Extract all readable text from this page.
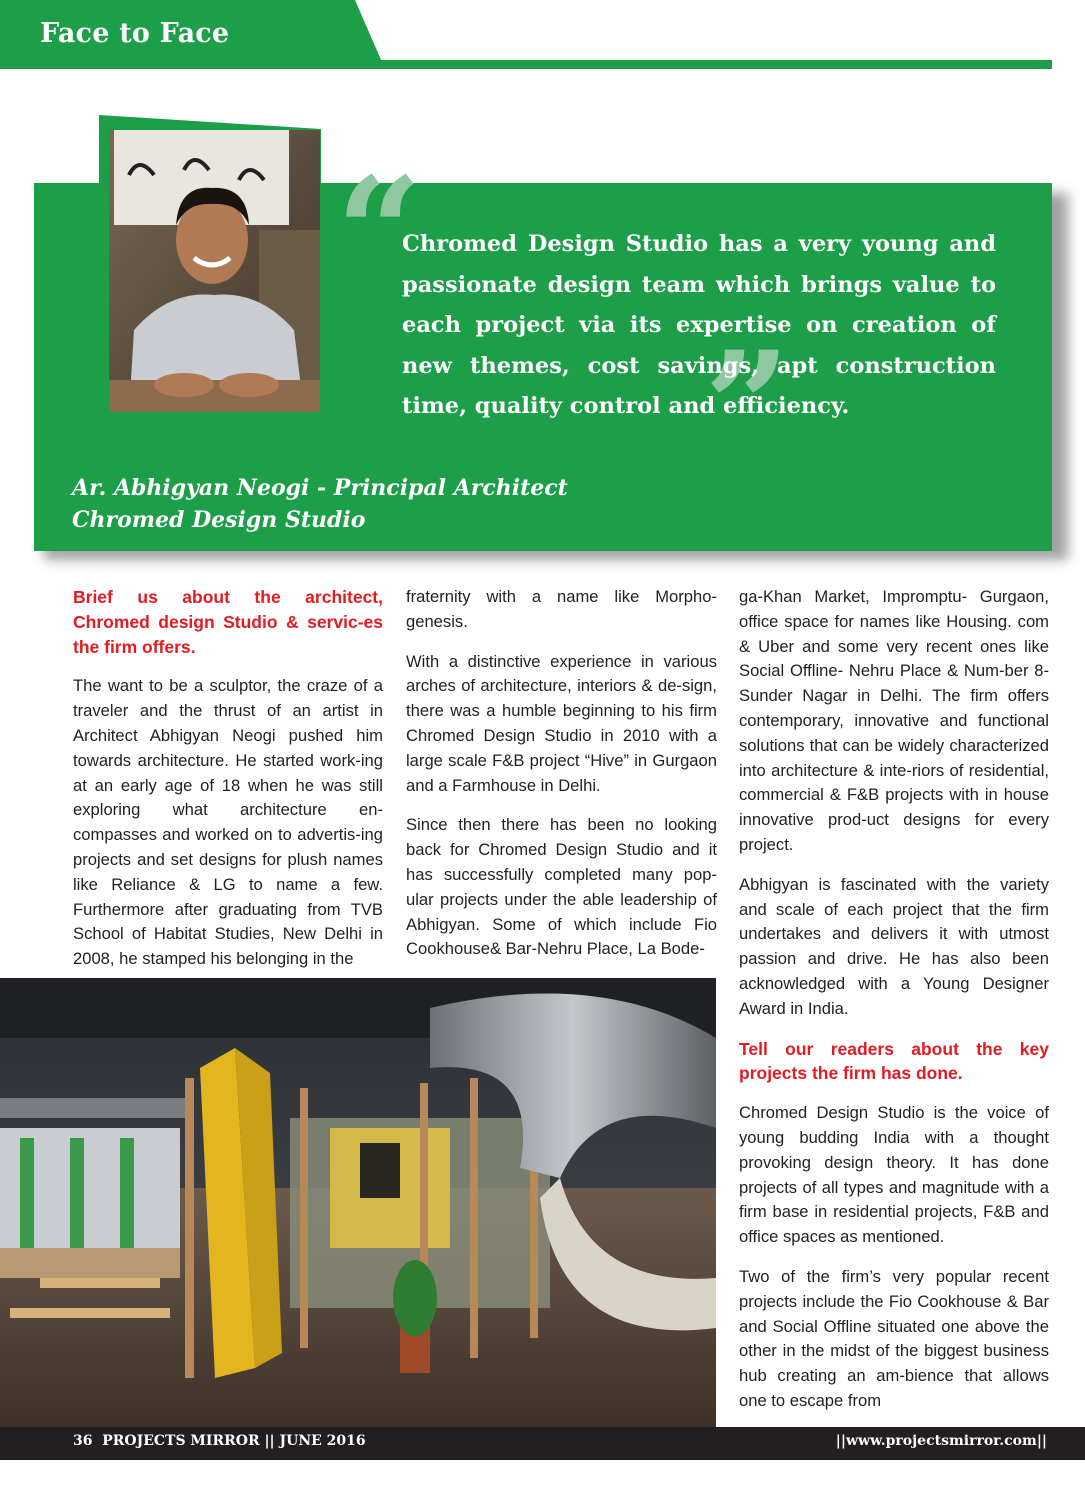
Face to Face
“
”
Chromed Design Studio has a very young and passionate design team which brings value to each project via its expertise on creation of new themes, cost savings, apt construction time, quality control and efficiency.
Ar. Abhigyan Neogi - Principal Architect
Chromed Design Studio

Brief us about the architect, Chromed design Studio & servic-es the firm offers.

The want to be a sculptor, the craze of a traveler and the thrust of an artist in Architect Abhigyan Neogi pushed him towards architecture. He started work-ing at an early age of 18 when he was still exploring what architecture en-compasses and worked on to advertis-ing projects and set designs for plush names like Reliance & LG to name a few. Furthermore after graduating from TVB School of Habitat Studies, New Delhi in 2008, he stamped his belonging in the

fraternity with a name like Morpho-genesis.

With a distinctive experience in various arches of architecture, interiors & de-sign, there was a humble beginning to his firm Chromed Design Studio in 2010 with a large scale F&B project “Hive” in Gurgaon and a Farmhouse in Delhi.

Since then there has been no looking back for Chromed Design Studio and it has successfully completed many pop-ular projects under the able leadership of Abhigyan. Some of which include Fio Cookhouse& Bar-Nehru Place, La Bode-

ga-Khan Market, Impromptu- Gurgaon, office space for names like Housing. com & Uber and some very recent ones like Social Offline- Nehru Place & Num-ber 8- Sunder Nagar in Delhi. The firm offers contemporary, innovative and functional solutions that can be widely characterized into architecture & inte-riors of residential, commercial & F&B projects with in house innovative prod-uct designs for every project.

Abhigyan is fascinated with the variety and scale of each project that the firm undertakes and delivers it with utmost passion and drive. He has also been acknowledged with a Young Designer Award in India.

Tell our readers about the key projects the firm has done.

Chromed Design Studio is the voice of young budding India with a thought provoking design theory. It has done projects of all types and magnitude with a firm base in residential projects, F&B and office spaces as mentioned.

Two of the firm’s very popular recent projects include the Fio Cookhouse & Bar and Social Offline situated one above the other in the midst of the biggest business hub creating an am-bience that allows one to escape from

36 PROJECTS MIRROR || JUNE 2016	||www.projectsmirror.com||
